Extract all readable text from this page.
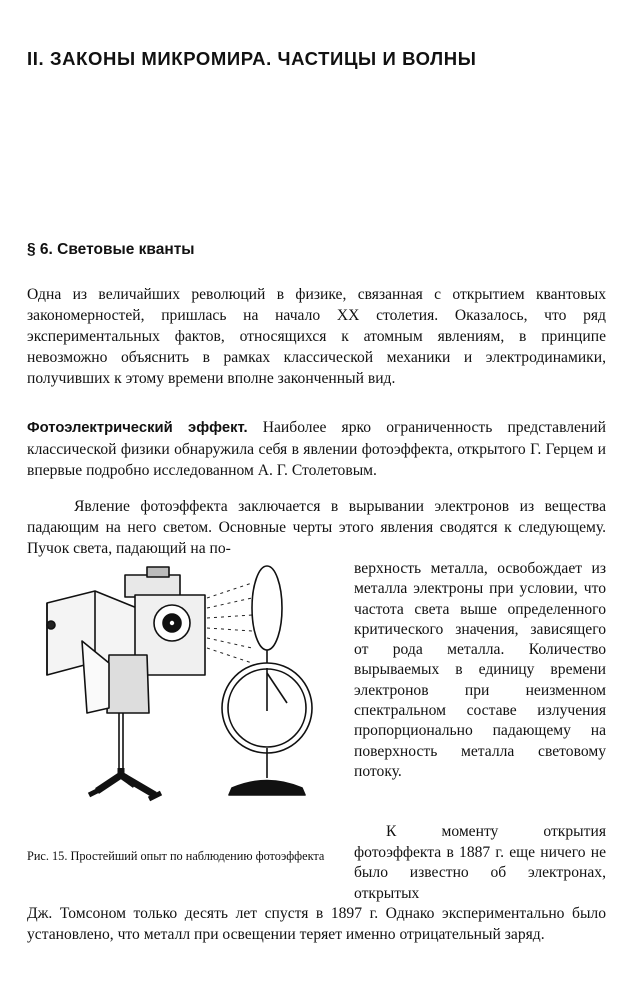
II. ЗАКОНЫ МИКРОМИРА. ЧАСТИЦЫ И ВОЛНЫ
§ 6. Световые кванты
Одна из величайших революций в физике, связанная с открытием квантовых закономерностей, пришлась на начало XX столетия. Оказалось, что ряд экспериментальных фактов, относящихся к атомным явлениям, в принципе невозможно объяснить в рамках классической механики и электродинамики, получивших к этому времени вполне законченный вид.
Фотоэлектрический эффект. Наиболее ярко ограниченность представлений классической физики обнаружила себя в явлении фотоэффекта, открытого Г. Герцем и впервые подробно исследованном А. Г. Столетовым.
Явление фотоэффекта заключается в вырывании электронов из вещества падающим на него светом. Основные черты этого явления сводятся к следующему. Пучок света, падающий на по-
верхность металла, освобождает из металла электроны при условии, что частота света выше определенного критического значения, зависящего от рода металла. Количество вырываемых в единицу времени электронов при неизменном спектральном составе излучения пропорционально падающему на поверхность металла световому потоку.
К моменту открытия фотоэффекта в 1887 г. еще ничего не было известно об электронах, открытых
Рис. 15. Простейший опыт по наблюдению фотоэффекта
Дж. Томсоном только десять лет спустя в 1897 г. Однако экспериментально было установлено, что металл при освещении теряет именно отрицательный заряд.
